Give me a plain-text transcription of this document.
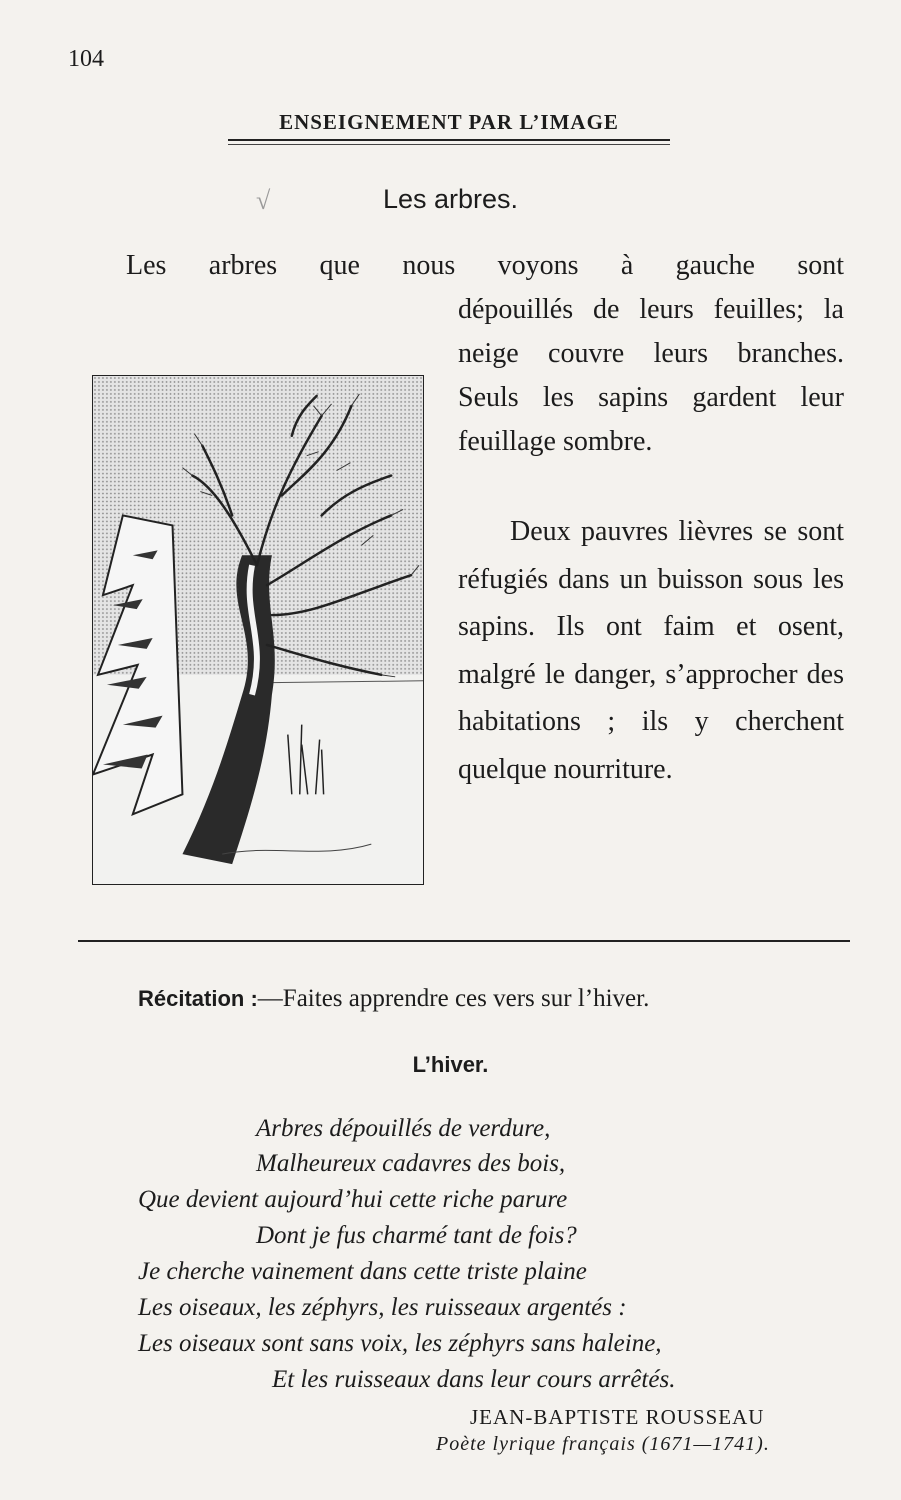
104
ENSEIGNEMENT PAR L’IMAGE
√	Les arbres.
Les arbres que nous voyons à gauche sont

dépouillés de leurs feuilles; la neige couvre leurs branches. Seuls les sapins gardent leur feuillage sombre.

Deux pauvres lièvres se sont réfugiés dans un buisson sous les sapins. Ils ont faim et osent, malgré le danger, s’approcher des habitations ; ils y cherchent quelque nourriture.

Récitation :—Faites apprendre ces vers sur l’hiver.
L’hiver.
Arbres dépouillés de verdure,
Malheureux cadavres des bois,
Que devient aujourd’hui cette riche parure
Dont je fus charmé tant de fois?
Je cherche vainement dans cette triste plaine
Les oiseaux, les zéphyrs, les ruisseaux argentés :
Les oiseaux sont sans voix, les zéphyrs sans haleine,
Et les ruisseaux dans leur cours arrêtés.
JEAN-BAPTISTE ROUSSEAU
Poète lyrique français (1671—1741).
